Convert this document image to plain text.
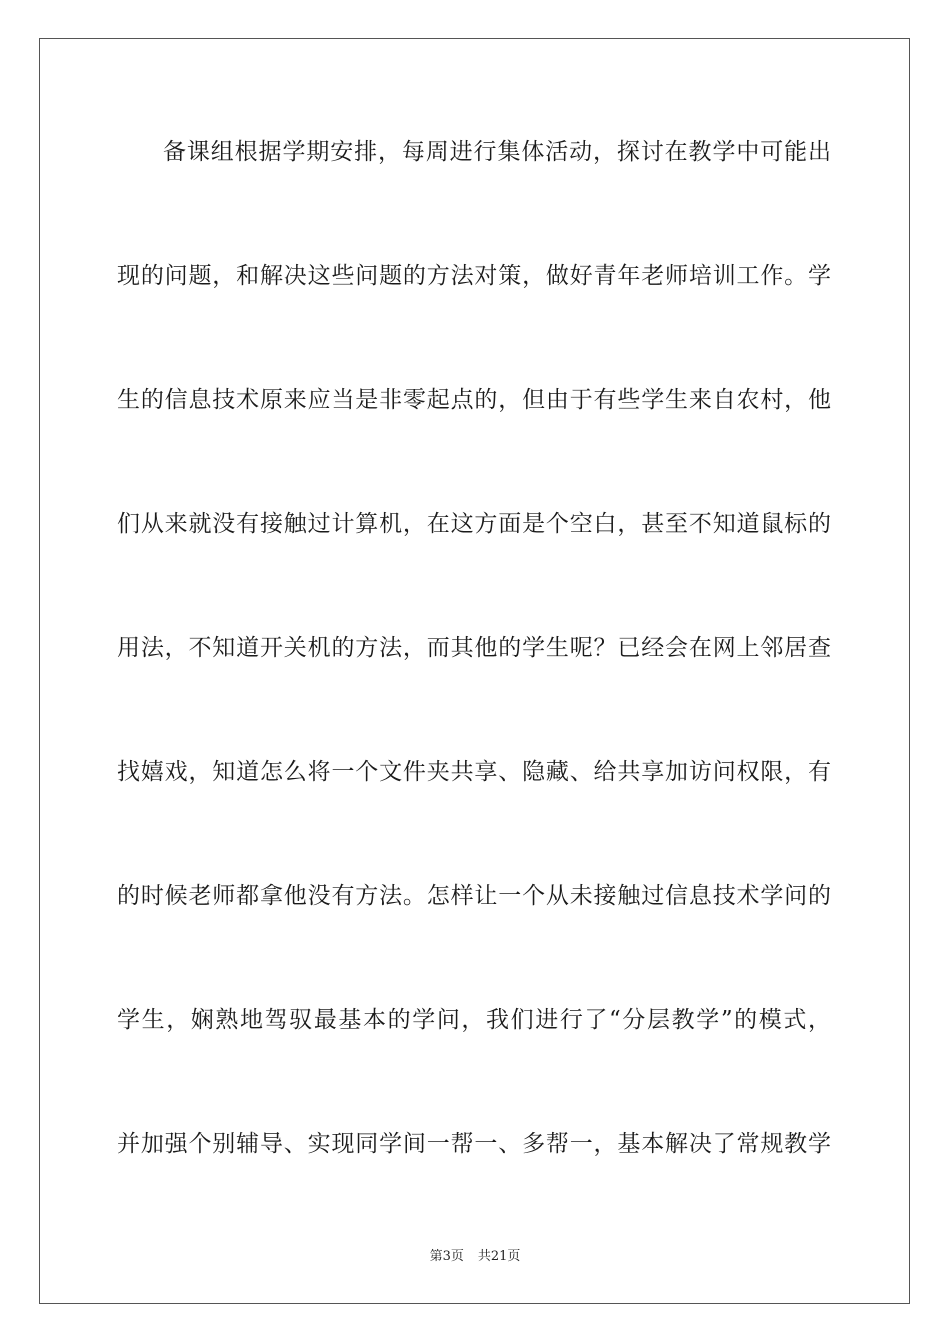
备课组根据学期安排，每周进行集体活动，探讨在教学中可能出
现的问题，和解决这些问题的方法对策，做好青年老师培训工作。学
生的信息技术原来应当是非零起点的，但由于有些学生来自农村，他
们从来就没有接触过计算机，在这方面是个空白，甚至不知道鼠标的
用法，不知道开关机的方法，而其他的学生呢？已经会在网上邻居查
找嬉戏，知道怎么将一个文件夹共享、隐藏、给共享加访问权限，有
的时候老师都拿他没有方法。怎样让一个从未接触过信息技术学问的
学生，娴熟地驾驭最基本的学问，我们进行了“分层教学”的模式，
并加强个别辅导、实现同学间一帮一、多帮一，基本解决了常规教学
第3页 共21页
